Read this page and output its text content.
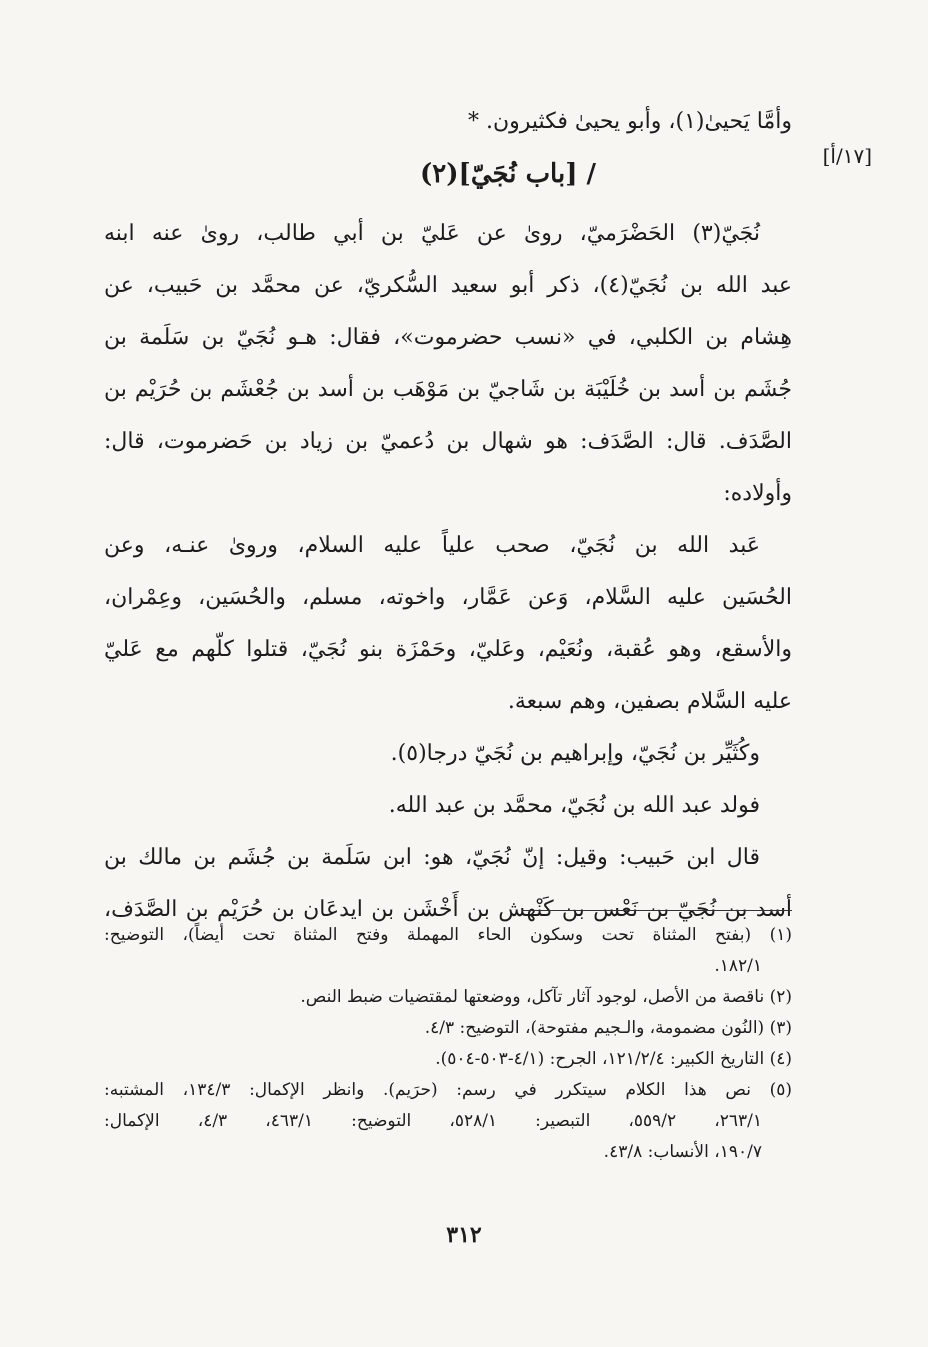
[١٧/أ]
وأمَّا يَحيىٰ(١)، وأبو يحيىٰ فكثيرون. *
/ [باب نُجَيّ](٢)
نُجَيّ(٣) الحَضْرَميّ، روىٰ عن عَليّ بن أبي طالب، روىٰ عنه ابنه
عبد الله بن نُجَيّ(٤)، ذكر أبو سعيد السُّكريّ، عن محمَّد بن حَبيب، عن
هِشام بن الكلبي، في «نسب حضرموت»، فقال: هـو نُجَيّ بن سَلَمة بن
جُشَم بن أسد بن خُلَيْبَة بن شَاجيّ بن مَوْهَب بن أسد بن جُعْشَم بن حُرَيْم بن
الصَّدَف. قال: الصَّدَف: هو شهال بن دُعميّ بن زياد بن حَضرموت، قال:
وأولاده:
عَبد الله بن نُجَيّ، صحب علياً عليه السلام، وروىٰ عنـه، وعن
الحُسَين عليه السَّلام، وَعن عَمَّار، واخوته، مسلم، والحُسَين، وعِمْران،
والأسقع، وهو عُقبة، ونُعَيْم، وعَليّ، وحَمْزَة بنو نُجَيّ، قتلوا كلّهم مع عَليّ
عليه السَّلام بصفين، وهم سبعة.
وكُثَيِّر بن نُجَيّ، وإبراهيم بن نُجَيّ درجا(٥).
فولد عبد الله بن نُجَيّ، محمَّد بن عبد الله.
قال ابن حَبيب: وقيل: إنّ نُجَيّ، هو: ابن سَلَمة بن جُشَم بن مالك بن
أسد بن نُجَيّ بن نَعْس بن كَنْهش بن أَخْشَن بن ايدعَان بن حُرَيْم بن الصَّدَف،
(١) (بفتح المثناة تحت وسكون الحاء المهملة وفتح المثناة تحت أيضاً)، التوضيح:
١٨٢/١.
(٢) ناقصة من الأصل، لوجود آثار تآكل، ووضعتها لمقتضيات ضبط النص.
(٣) (النُون مضمومة، والـجيم مفتوحة)، التوضيح: ٤/٣.
(٤) التاريخ الكبير: ١٢١/٢/٤، الجرح: (٤/١-٥٠٣-٥٠٤).
(٥) نص هذا الكلام سيتكرر في رسم: (حرَيم). وانظر الإكمال: ١٣٤/٣، المشتبه:
٢٦٣/١، ٥٥٩/٢، التبصير: ٥٢٨/١، التوضيح: ٤٦٣/١، ٤/٣، الإكمال:
١٩٠/٧، الأنساب: ٤٣/٨.
٣١٢
